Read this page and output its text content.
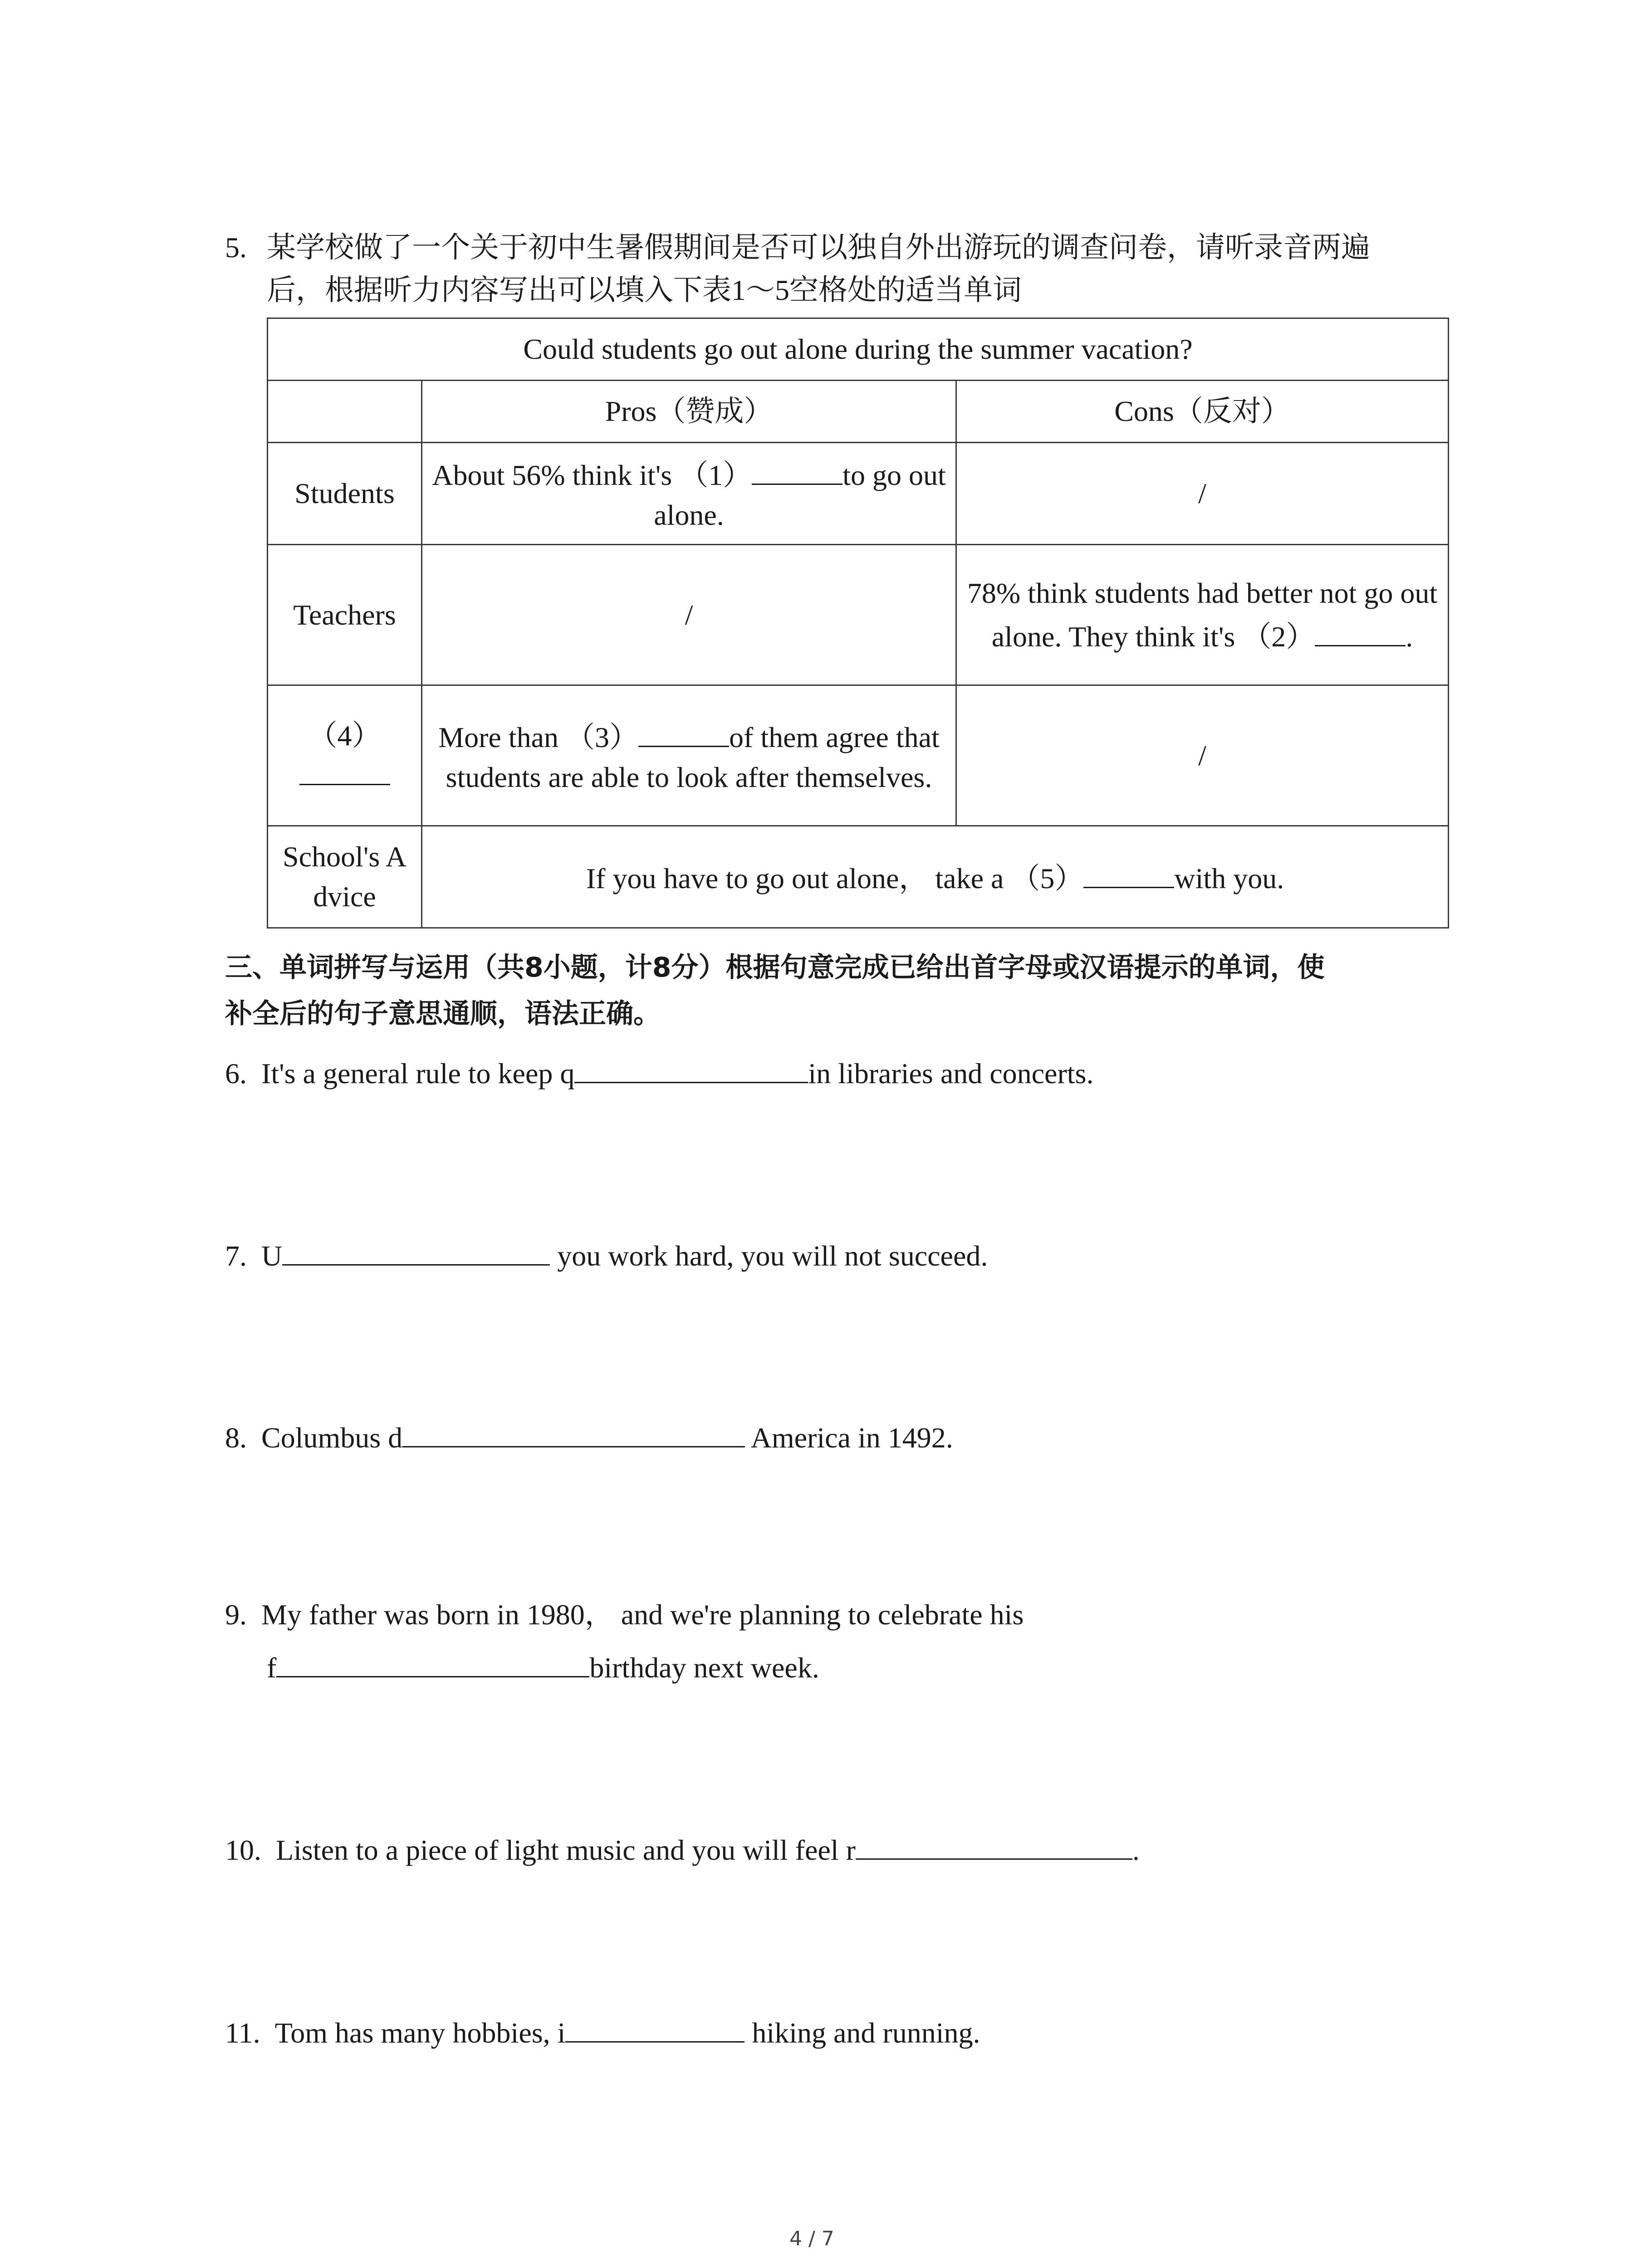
5. 某学校做了一个关于初中生暑假期间是否可以独自外出游玩的调查问卷，请听录音两遍
后，根据听力内容写出可以填入下表1～5空格处的适当单词
Could students go out alone during the summer vacation?		
	Pros（赞成）	Cons（反对）
Students	About 56% think it's （1） to go out alone.	/
Teachers	/	78% think students had better not go out alone. They think it's （2） .

（4）	More than （3） of them agree that students are able to look after themselves.	/
School's Advice	If you have to go out alone， take a （5） with you.	
三、单词拼写与运用（共8小题，计8分）根据句意完成已给出首字母或汉语提示的单词，使
补全后的句子意思通顺，语法正确。
6. It's a general rule to keep q	in libraries and concerts.
7. U	you work hard, you will not succeed.
8. Columbus d	America in 1492.
9. My father was born in 1980， and we're planning to celebrate his
f	birthday next week.
10. Listen to a piece of light music and you will feel r	.
11. Tom has many hobbies, i	hiking and running.
4 / 7
